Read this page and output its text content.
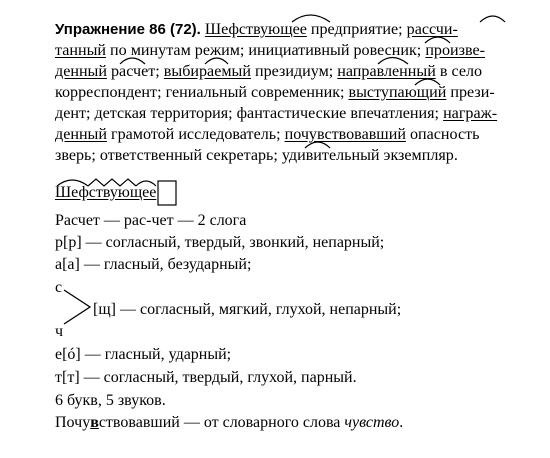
Упражнение 86 (72). Шефствующее предприятие; рассчи-
танный по минутам режим; инициативный ровесник; произве-
денный расчет; выбираемый президиум; направленный в село
корреспондент; гениальный современник; выступающий прези-
дент; детская территория; фантастические впечатления; награж-
денный грамотой исследователь; почувствовавший опасность
зверь; ответственный секретарь; удивительный экземпляр.
Шефствующее
Расчет — рас-чет — 2 слога
р[р] — согласный, твердый, звонкий, непарный;
а[а] — гласный, безударный;
с
[щ] — согласный, мягкий, глухой, непарный;
ч
е[ó] — гласный, ударный;
т[т] — согласный, твердый, глухой, парный.
6 букв, 5 звуков.
Почувствовавший — от словарного слова чувство.
